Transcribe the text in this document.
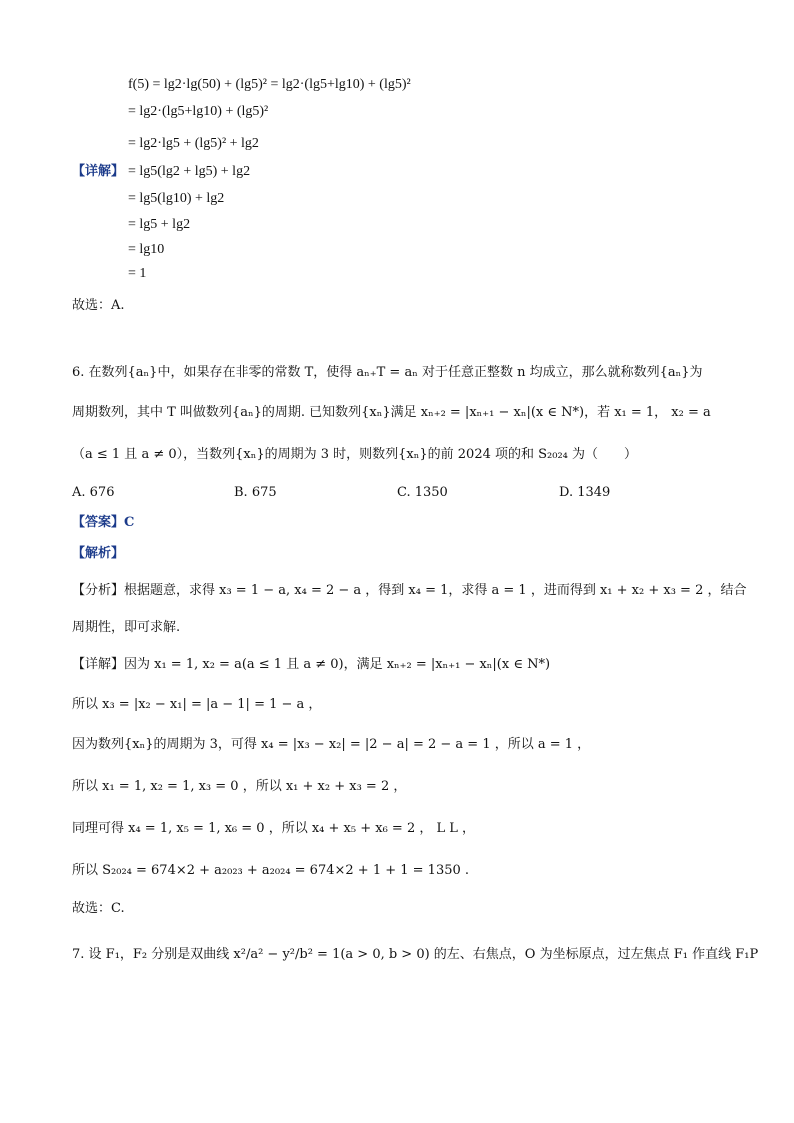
f(5) = lg2·lg(50) + (lg5)² = lg2·(lg5+lg10) + (lg5)²
= lg2·(lg5+lg10) + (lg5)²
= lg2·lg5 + (lg5)² + lg2
【详解】 = lg5(lg2 + lg5) + lg2
= lg5(lg10) + lg2
= lg5 + lg2
= lg10
= 1
故选：A.
6. 在数列{aₙ}中，如果存在非零的常数 T，使得 aₙ₊T = aₙ 对于任意正整数 n 均成立，那么就称数列{aₙ}为
周期数列，其中 T 叫做数列{aₙ}的周期. 已知数列{xₙ}满足 xₙ₊₂ = |xₙ₊₁ − xₙ|(x ∈ N*)，若 x₁ = 1， x₂ = a
（a ≤ 1 且 a ≠ 0），当数列{xₙ}的周期为 3 时，则数列{xₙ}的前 2024 项的和 S₂₀₂₄ 为（　　）
A. 676	B. 675	C. 1350	D. 1349
【答案】C
【解析】
【分析】根据题意，求得 x₃ = 1 − a, x₄ = 2 − a ，得到 x₄ = 1，求得 a = 1 ，进而得到 x₁ + x₂ + x₃ = 2 ，结合
周期性，即可求解.
【详解】因为 x₁ = 1, x₂ = a(a ≤ 1 且 a ≠ 0)，满足 xₙ₊₂ = |xₙ₊₁ − xₙ|(x ∈ N*)
所以 x₃ = |x₂ − x₁| = |a − 1| = 1 − a ，
因为数列{xₙ}的周期为 3，可得 x₄ = |x₃ − x₂| = |2 − a| = 2 − a = 1 ，所以 a = 1 ，
所以 x₁ = 1, x₂ = 1, x₃ = 0 ，所以 x₁ + x₂ + x₃ = 2 ，
同理可得 x₄ = 1, x₅ = 1, x₆ = 0 ，所以 x₄ + x₅ + x₆ = 2 ， L L ，
所以 S₂₀₂₄ = 674×2 + a₂₀₂₃ + a₂₀₂₄ = 674×2 + 1 + 1 = 1350 .
故选：C.
7. 设 F₁，F₂ 分别是双曲线 x²/a² − y²/b² = 1(a > 0, b > 0) 的左、右焦点，O 为坐标原点，过左焦点 F₁ 作直线 F₁P
